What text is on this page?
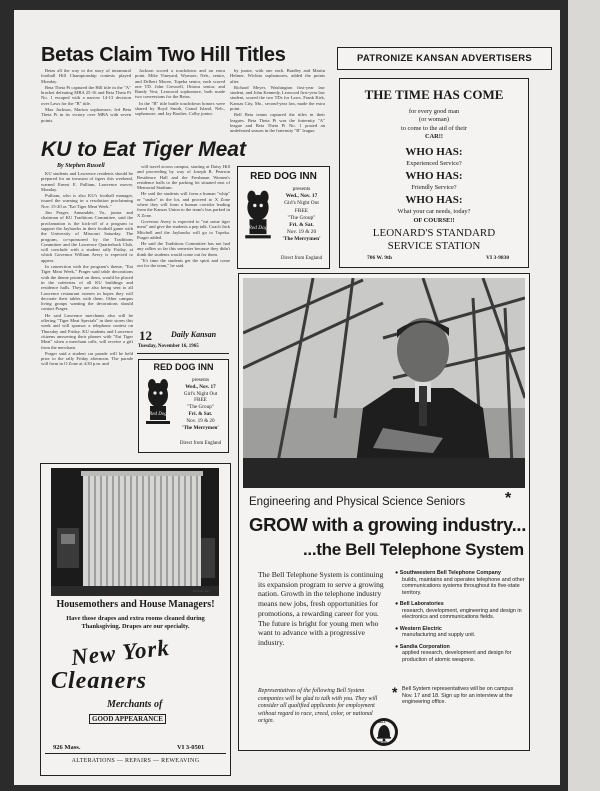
Betas Claim Two Hill Titles

Betas all the way to the story of intramural football Hill Championship contests played Monday.

Beta Theta Pi captured the Hill title in the "A" bracket defeating MBA 25-16 and Beta Theta Pi No. 1 escaped with a narrow 14-13 decision over Laws for the "B" title.

Max Jackson, Marion sophomore, led Beta Theta Pi in its victory over MBA with seven points.

Jackson scored a touchdown and an extra point. Mike Vineyard, Wymore, Neb., senior, and Delbert Moore, Topeka senior, each scored one TD. John Creswell, Ottawa senior, and Randy Vest, Leawood sophomore, both made two conversions for the Betas.

In the "B" title battle touchdown honors were shared by Boyd Smith, Grand Island, Neb., sophomore, and Jay Boulier, Colby junior.

by junior, with one each. Bradley and Martin Helmer, Wichita sophomores, added the points after.

Richard Meyer, Washington first-year law student, and John Kennedy, Leawood first-year law student, scored the two TDs for Laws. Frank Kirk, Kansas City, Mo., second-year law, made the extra point.

Bell Beta teams captured the titles in their leagues. Beta Theta Pi was the fraternity "A" league and Beta Theta Pi No. 1 posted an undefeated season in the fraternity "B" league.

KU to Eat Tiger Meat
By Stephen Russell

KU students and Lawrence residents should be prepared for an invasion of tigers this weekend, warned Ernest E. Pulliam, Lawrence mover, Monday.

Pulliam, who is also KU's football manager, issued the warning in a resolution proclaiming Nov. 15-20 as "Eat Tiger Meat Week."

Jim Prager, Annandale, Va., junior and chairman of KU Traditions Committee, said the proclamation is the kick-off of a program to support the Jayhawks in their football game with the University of Missouri Saturday. The program, co-sponsored by the Traditions Committee and the Lawrence Quarterback Club, will conclude with a student rally Friday, at which Governor William Avery is expected to appear.

In connection with the program's theme, "Eat Tiger Meat Week," Prager said table decorations with the theme printed on them, would be placed in the cafeterias of all KU buildings and residence halls. They are also being sent to all Lawrence restaurant owners in hopes they will decorate their tables with them. Other campus living groups wanting the decorations should contact Prager.

He said Lawrence merchants also will be offering "Tiger Meat Specials" in their stores this week and will sponsor a telephone contest on Thursday and Friday. KU students and Lawrence citizens answering their phones with "Eat Tiger Meat" when a merchant calls, will receive a gift from the merchant.

Prager said a student car parade will be held prior to the rally Friday afternoon. The parade will form in O Zone at 4:30 p.m. and

will travel across campus, starting at Daisy Hill and proceeding by way of Joseph R. Pearson Residence Hall and the Freshman Women's residence halls to the parking lot situated east of Memorial Stadium.

He said the students will form a human "whip" or "snake" in the lot, and proceed to X Zone where they will form a human corridor leading from the Kansas Union to the team's bus parked in X Zone.

Governor Avery is expected to "eat some tiger meat" and give the students a pep talk. Coach Jack Mitchell and the Jayhawks will go to Topeka. Prager added.

He said the Traditions Committee has not had any rallies so far this semester because they didn't think the students would come out for them.

"It's time the students get the spirit and come out for the team," he said.

12 Daily Kansan
Tuesday, November 16, 1965
RED DOG INN
Red Dog
presents
Wed., Nov. 17
Girl's Night Out
FREE
"The Group"
Fri. & Sat.
Nov. 19 & 20
'The Merrymen'
Direct from England
RED DOG INN
Red Dog
presents
Wed., Nov. 17
Girl's Night Out
FREE
"The Group"
Fri. & Sat.
Nov. 19 & 20
'The Merrymen'
Direct from England
Drapes, inc.
Housemothers and House Managers!
Have those drapes and extra rooms cleaned during Thanksgiving. Drapes are our specialty.
New York
Cleaners
Merchants of
GOOD APPEARANCE
926 Mass.	VI 3-0501
ALTERATIONS — REPAIRS — REWEAVING
PATRONIZE KANSAN ADVERTISERS
THE TIME HAS COME
for every good man
(or woman)
to come to the aid of their
CAR!!
WHO HAS:
Experienced Service?
WHO HAS:
Friendly Service?
WHO HAS:
What your car needs, today?
OF COURSE!!
LEONARD'S STANDARD
SERVICE STATION
706 W. 9th	VI 3-9830
Engineering and Physical Science Seniors *
GROW with a growing industry...
...the Bell Telephone System
The Bell Telephone System is continuing its expansion program to serve a growing nation. Growth in the telephone industry means new jobs, fresh opportunities for promotions, a rewarding career for you. The future is bright for young men who want to advance with a progressive industry.
Representatives of the following Bell System companies will be glad to talk with you. They will consider all qualified applicants for employment without regard to race, creed, color, or national origin.
● Southwestern Bell Telephone Company
builds, maintains and operates telephone and other communications systems throughout its five-state territory.
● Bell Laboratories
research, development, engineering and design in electronics and communications fields.
● Western Electric
manufacturing and supply unit.
● Sandia Corporation
applied research, development and design for production of atomic weapons.
* Bell System representatives will be on campus Nov. 17 and 18. Sign up for an interview at the engineering office.
BELL
SYSTEM
